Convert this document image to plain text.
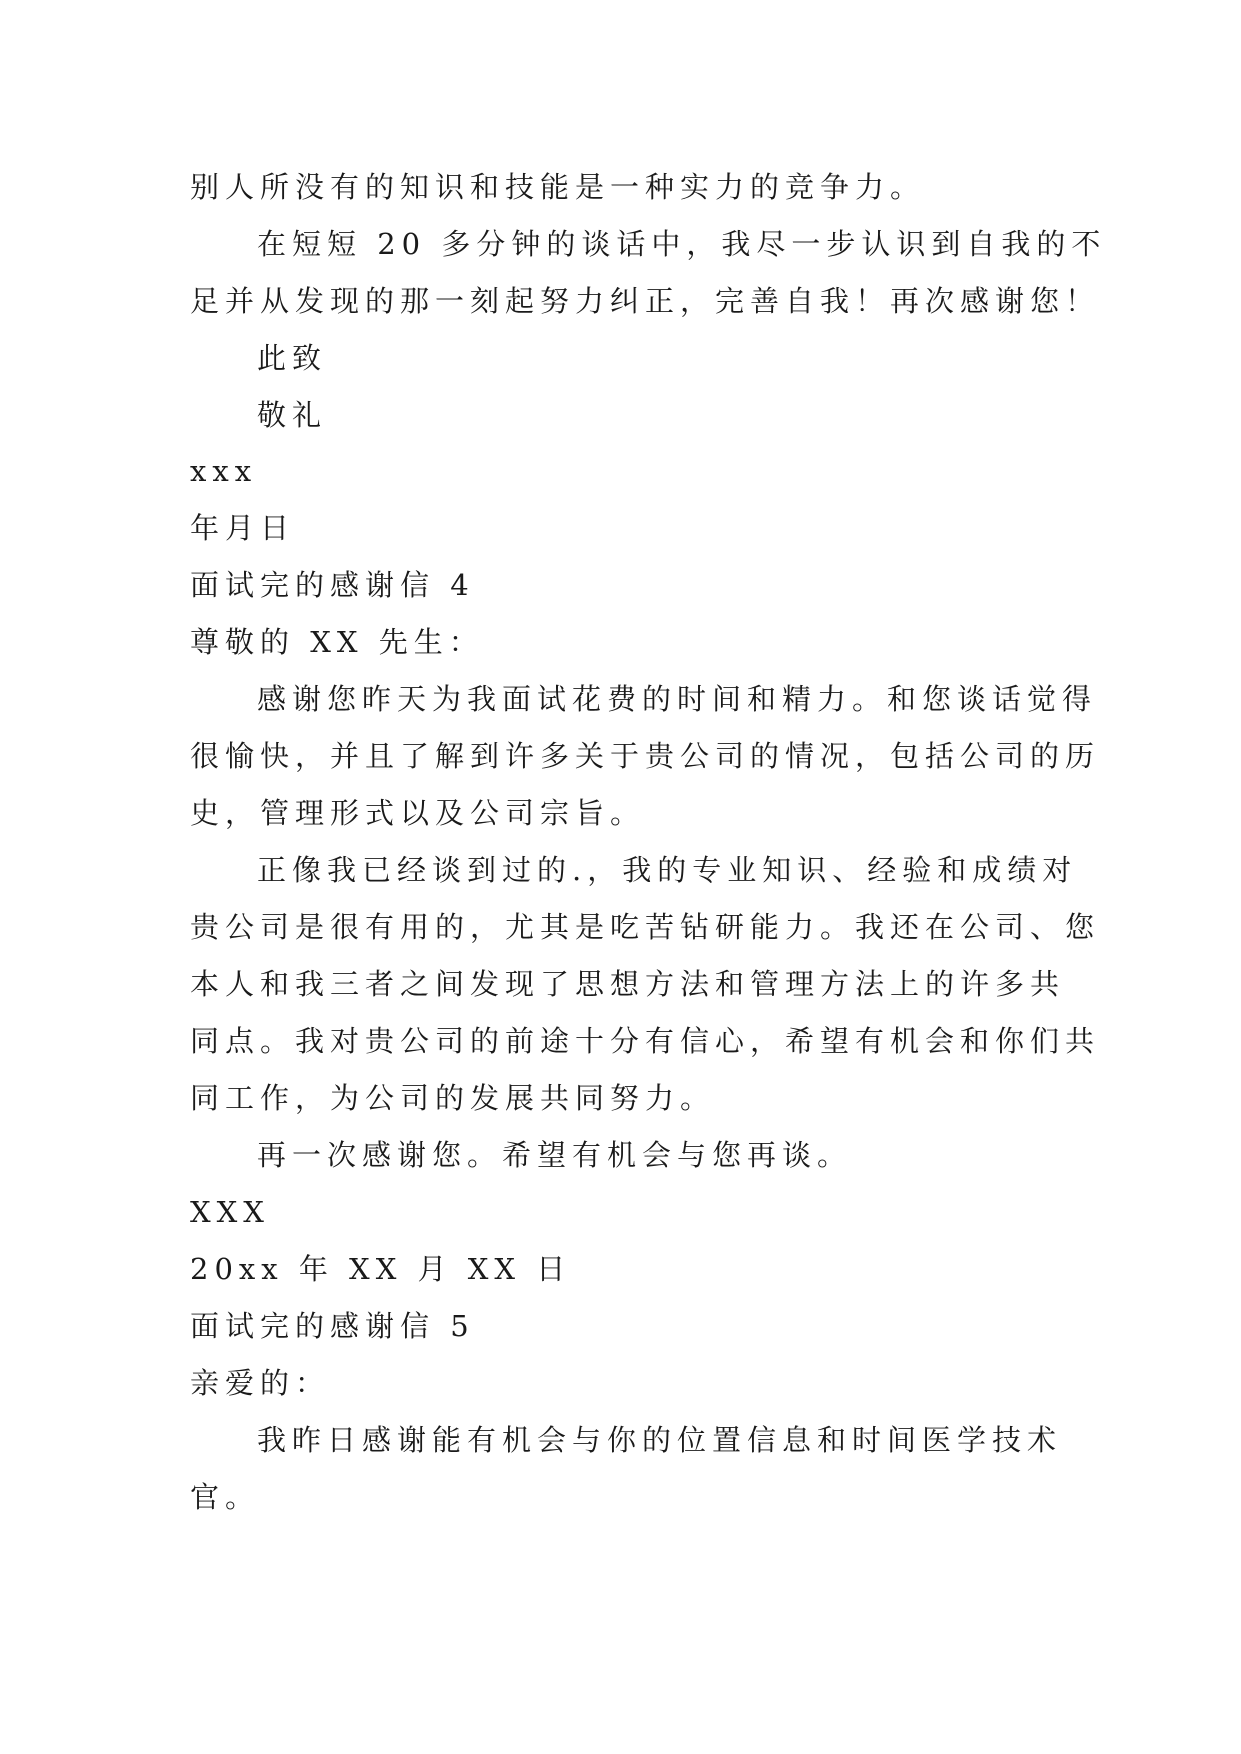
别人所没有的知识和技能是一种实力的竞争力。
在短短 20 多分钟的谈话中，我尽一步认识到自我的不
足并从发现的那一刻起努力纠正，完善自我！再次感谢您！
此致
敬礼
xxx
年月日
面试完的感谢信 4
尊敬的 XX 先生：
感谢您昨天为我面试花费的时间和精力。和您谈话觉得
很愉快，并且了解到许多关于贵公司的情况，包括公司的历
史，管理形式以及公司宗旨。
正像我已经谈到过的.，我的专业知识、经验和成绩对
贵公司是很有用的，尤其是吃苦钻研能力。我还在公司、您
本人和我三者之间发现了思想方法和管理方法上的许多共
同点。我对贵公司的前途十分有信心，希望有机会和你们共
同工作，为公司的发展共同努力。
再一次感谢您。希望有机会与您再谈。
XXX
20xx 年 XX 月 XX 日
面试完的感谢信 5
亲爱的：
我昨日感谢能有机会与你的位置信息和时间医学技术
官。
